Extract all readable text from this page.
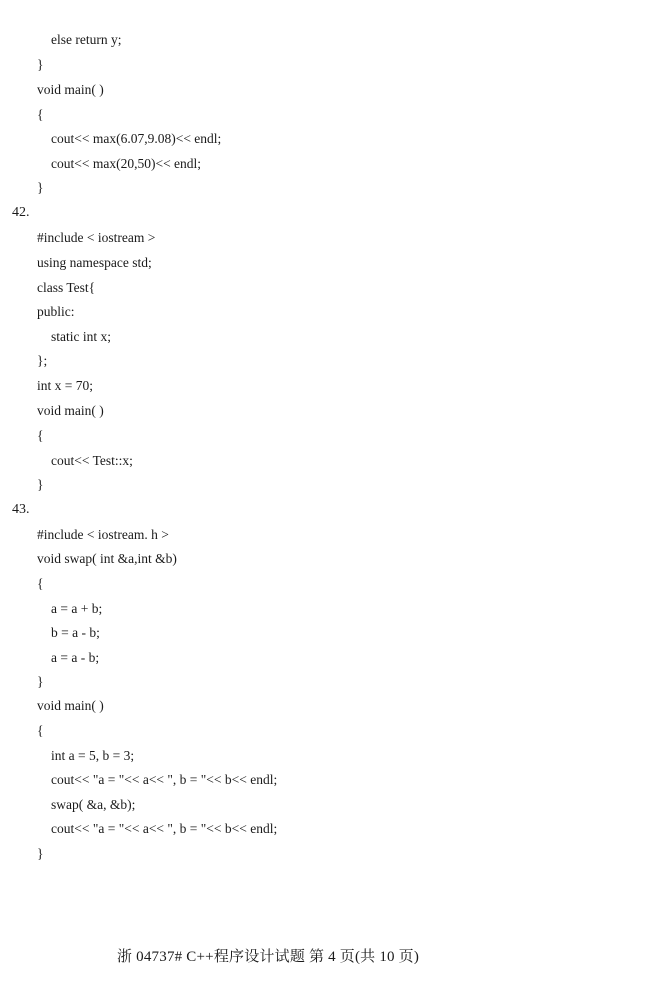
else return y;
}
void main( )
{
cout<< max(6.07,9.08)<< endl;
cout<< max(20,50)<< endl;
}
42.
#include < iostream >
using namespace std;
class Test{
public:
static int x;
};
int x = 70;
void main( )
{
cout<< Test::x;
}
43.
#include < iostream. h >
void swap( int &a,int &b)
{
a = a + b;
b = a - b;
a = a - b;
}
void main( )
{
int a = 5, b = 3;
cout<< "a = "<< a<< ", b = "<< b<< endl;
swap( &a, &b);
cout<< "a = "<< a<< ", b = "<< b<< endl;
}
浙 04737# C++程序设计试题 第 4 页(共 10 页)
